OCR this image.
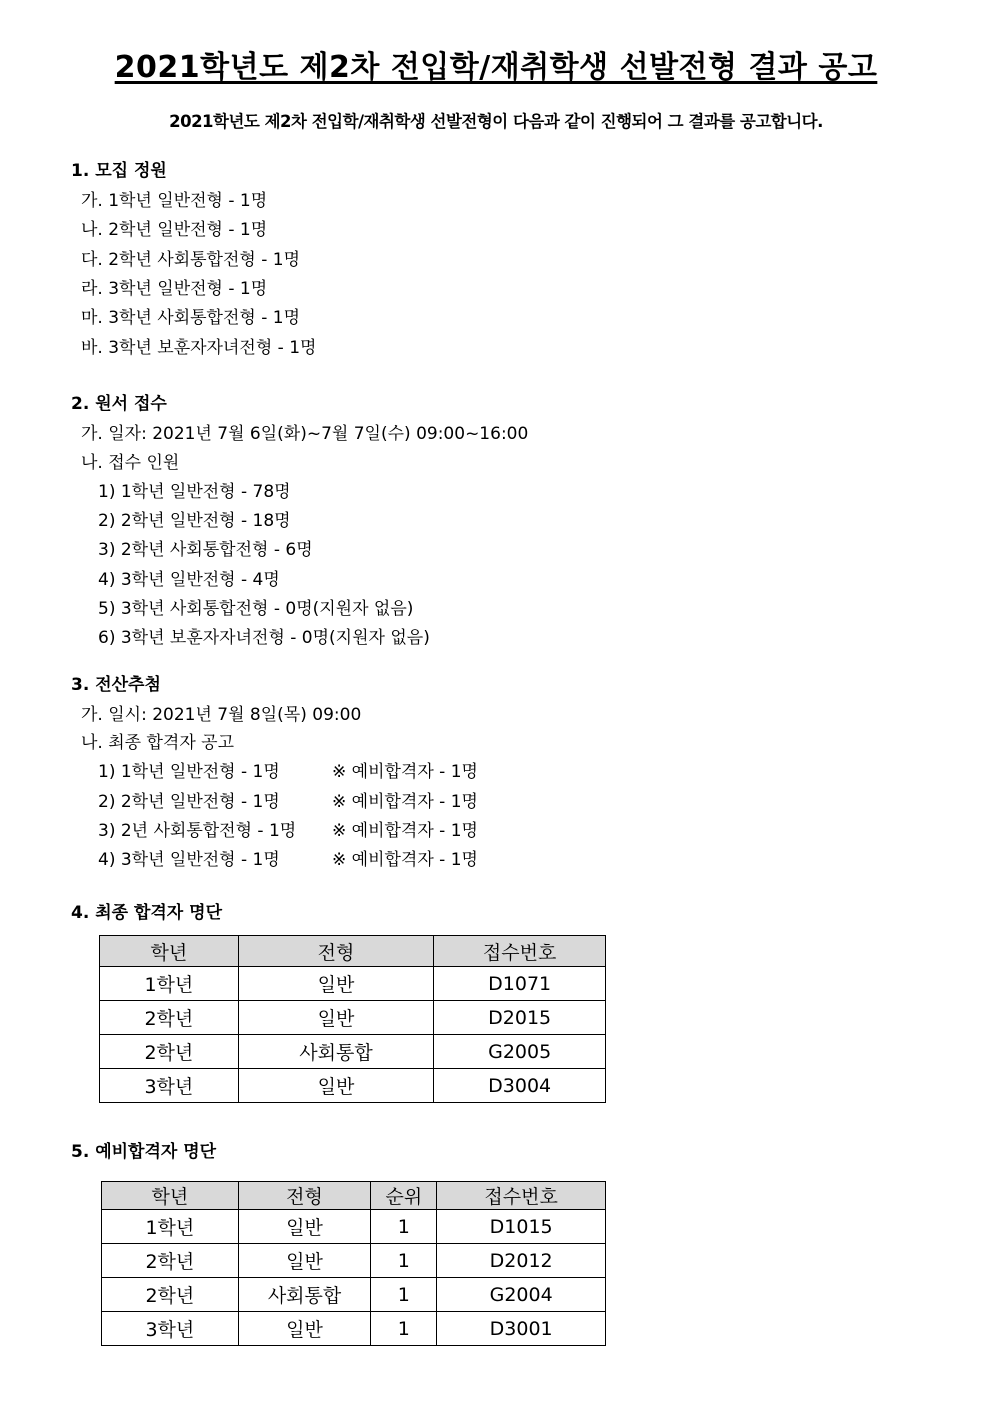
2021학년도 제2차 전입학/재취학생 선발전형 결과 공고
2021학년도 제2차 전입학/재취학생 선발전형이 다음과 같이 진행되어 그 결과를 공고합니다.
1. 모집 정원
가. 1학년 일반전형 - 1명
나. 2학년 일반전형 - 1명
다. 2학년 사회통합전형 - 1명
라. 3학년 일반전형 - 1명
마. 3학년 사회통합전형 - 1명
바. 3학년 보훈자자녀전형 - 1명
2. 원서 접수
가. 일자: 2021년 7월 6일(화)~7월 7일(수) 09:00~16:00
나. 접수 인원
1) 1학년 일반전형 - 78명
2) 2학년 일반전형 - 18명
3) 2학년 사회통합전형 - 6명
4) 3학년 일반전형 - 4명
5) 3학년 사회통합전형 - 0명(지원자 없음)
6) 3학년 보훈자자녀전형 - 0명(지원자 없음)
3. 전산추첨
가. 일시: 2021년 7월 8일(목) 09:00
나. 최종 합격자 공고
1) 1학년 일반전형 - 1명	※ 예비합격자 - 1명
2) 2학년 일반전형 - 1명	※ 예비합격자 - 1명
3) 2년 사회통합전형 - 1명 ※ 예비합격자 - 1명
4) 3학년 일반전형 - 1명	※ 예비합격자 - 1명
4. 최종 합격자 명단
학년	전형	접수번호
1학년	일반	D1071
2학년	일반	D2015
2학년	사회통합	G2005
3학년	일반	D3004
5. 예비합격자 명단
학년	전형	순위	접수번호
1학년	일반	1	D1015
2학년	일반	1	D2012
2학년	사회통합	1	G2004
3학년	일반	1	D3001
